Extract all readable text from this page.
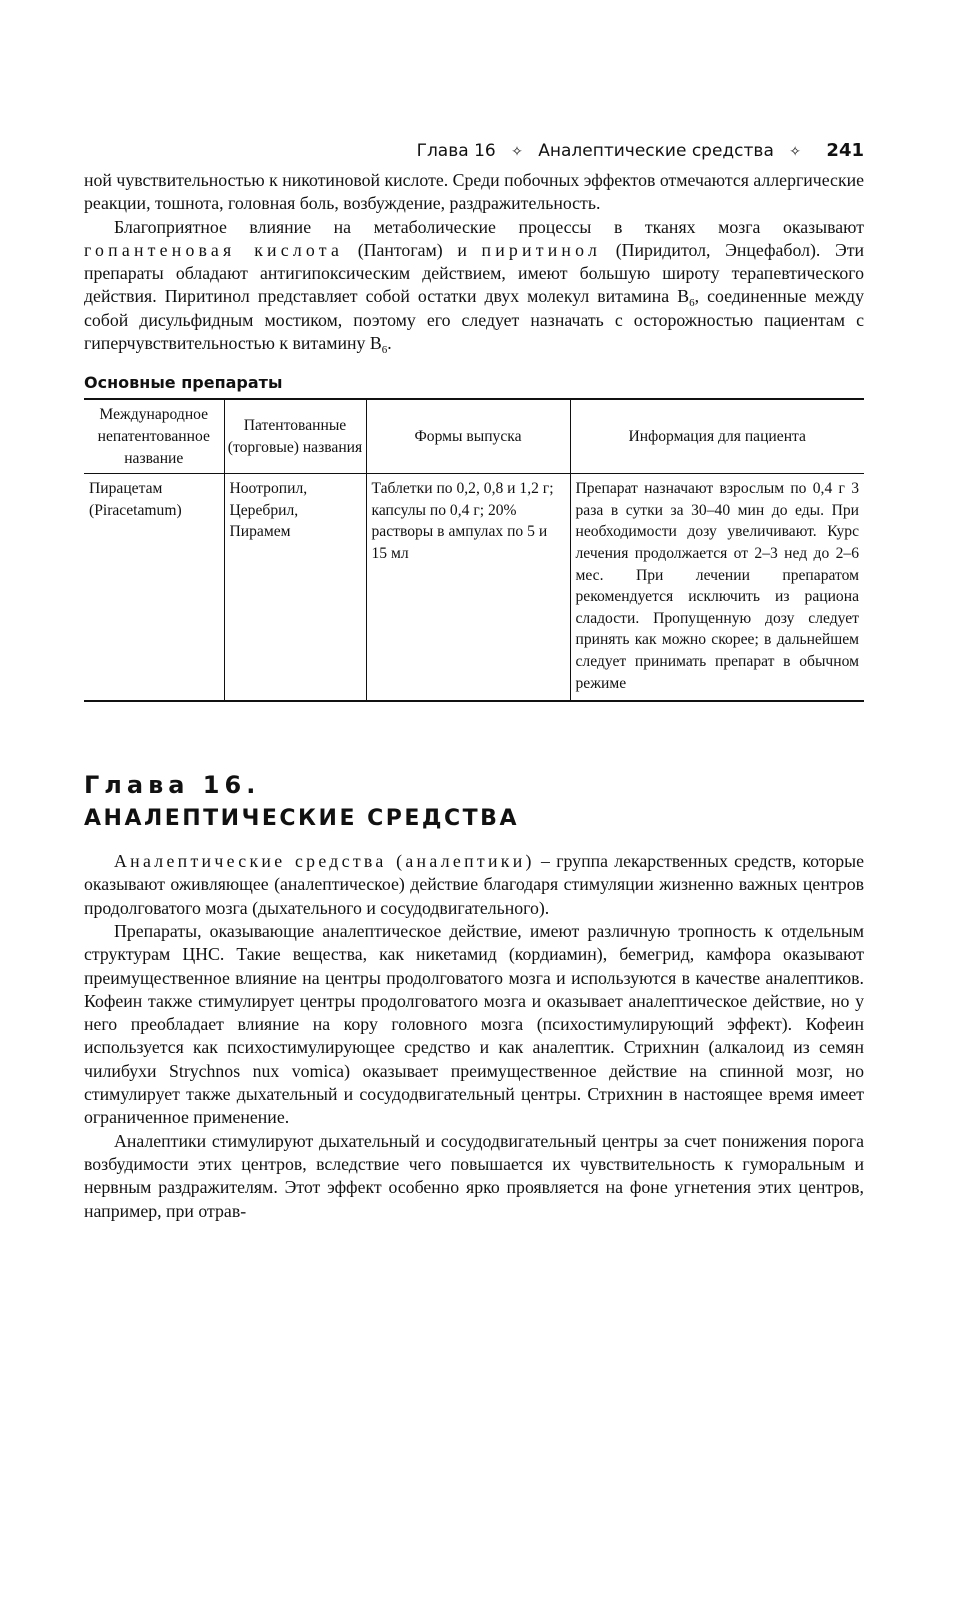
Глава 16 ✧ Аналептические средства ✧ 241

ной чувствительностью к никотиновой кислоте. Среди побочных эффектов отмечаются аллергические реакции, тошнота, головная боль, возбуждение, раздражительность.

Благоприятное влияние на метаболические процессы в тканях мозга оказывают гопантеновая кислота (Пантогам) и пиритинол (Пиридитол, Энцефабол). Эти препараты обладают антигипоксическим действием, имеют большую широту терапевтического действия. Пиритинол представляет собой остатки двух молекул витамина $B_6$, соединенные между собой дисульфидным мостиком, поэтому его следует назначать с осторожностью пациентам с гиперчувствительностью к витамину $B_6$.

Основные препараты
Международное непатентованное название	Патентованные (торговые) названия	Формы выпуска	Информация для пациента
Пирацетам (Piracetamum)	Ноотропил, Церебрил, Пирамем	Таблетки по 0,2, 0,8 и 1,2 г; капсулы по 0,4 г; 20% растворы в ампулах по 5 и 15 мл	Препарат назначают взрослым по 0,4 г 3 раза в сутки за 30–40 мин до еды. При необходимости дозу увеличивают. Курс лечения продолжается от 2–3 нед до 2–6 мес. При лечении препаратом рекомендуется исключить из рациона сладости. Пропущенную дозу следует принять как можно скорее; в дальнейшем следует принимать препарат в обычном режиме
Глава 16.
АНАЛЕПТИЧЕСКИЕ СРЕДСТВА

Аналептические средства (аналептики) – группа лекарственных средств, которые оказывают оживляющее (аналептическое) действие благодаря стимуляции жизненно важных центров продолговатого мозга (дыхательного и сосудодвигательного).

Препараты, оказывающие аналептическое действие, имеют различную тропность к отдельным структурам ЦНС. Такие вещества, как никетамид (кордиамин), бемегрид, камфора оказывают преимущественное влияние на центры продолговатого мозга и используются в качестве аналептиков. Кофеин также стимулирует центры продолговатого мозга и оказывает аналептическое действие, но у него преобладает влияние на кору головного мозга (психостимулирующий эффект). Кофеин используется как психостимулирующее средство и как аналептик. Стрихнин (алкалоид из семян чилибухи Strychnos nux vomica) оказывает преимущественное действие на спинной мозг, но стимулирует также дыхательный и сосудодвигательный центры. Стрихнин в настоящее время имеет ограниченное применение.

Аналептики стимулируют дыхательный и сосудодвигательный центры за счет понижения порога возбудимости этих центров, вследствие чего повышается их чувствительность к гуморальным и нервным раздражителям. Этот эффект особенно ярко проявляется на фоне угнетения этих центров, например, при отрав-
